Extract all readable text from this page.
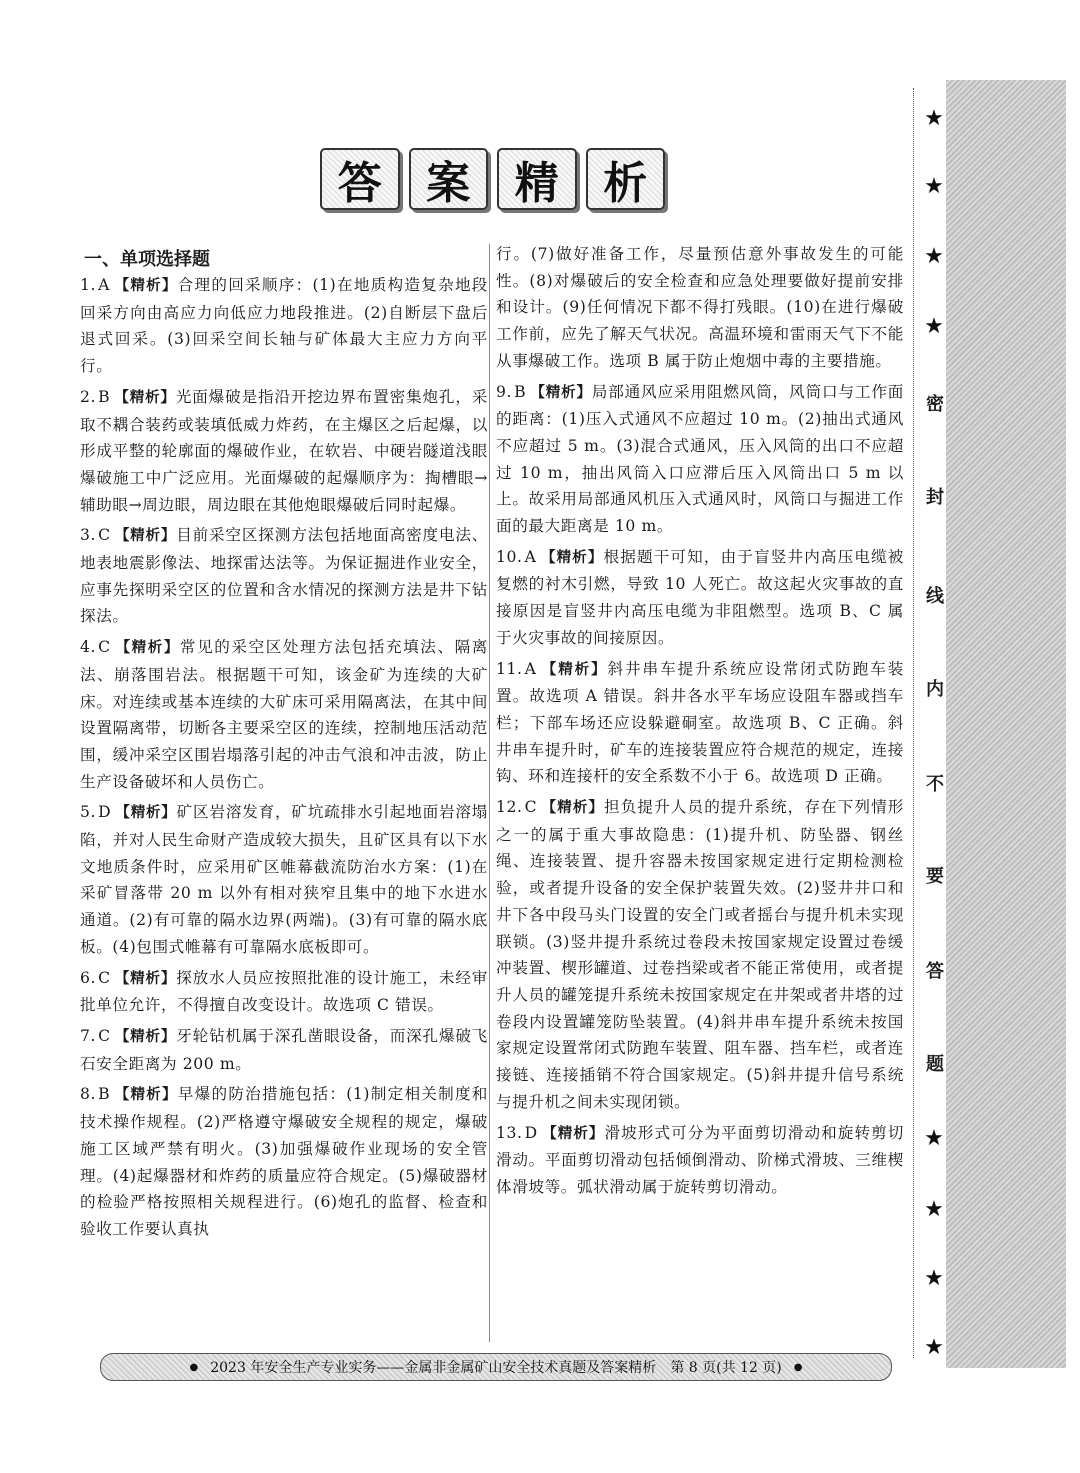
答	案	精	析
一、单项选择题

1. A 【精析】合理的回采顺序：(1)在地质构造复杂地段回采方向由高应力向低应力地段推进。(2)自断层下盘后退式回采。(3)回采空间长轴与矿体最大主应力方向平行。

2. B 【精析】光面爆破是指沿开挖边界布置密集炮孔，采取不耦合装药或装填低威力炸药，在主爆区之后起爆，以形成平整的轮廓面的爆破作业，在软岩、中硬岩隧道浅眼爆破施工中广泛应用。光面爆破的起爆顺序为：掏槽眼→辅助眼→周边眼，周边眼在其他炮眼爆破后同时起爆。

3. C 【精析】目前采空区探测方法包括地面高密度电法、地表地震影像法、地探雷达法等。为保证掘进作业安全，应事先探明采空区的位置和含水情况的探测方法是井下钻探法。

4. C 【精析】常见的采空区处理方法包括充填法、隔离法、崩落围岩法。根据题干可知，该金矿为连续的大矿床。对连续或基本连续的大矿床可采用隔离法，在其中间设置隔离带，切断各主要采空区的连续，控制地压活动范围，缓冲采空区围岩塌落引起的冲击气浪和冲击波，防止生产设备破坏和人员伤亡。

5. D 【精析】矿区岩溶发育，矿坑疏排水引起地面岩溶塌陷，并对人民生命财产造成较大损失，且矿区具有以下水文地质条件时，应采用矿区帷幕截流防治水方案：(1)在采矿冒落带 20 m 以外有相对狭窄且集中的地下水进水通道。(2)有可靠的隔水边界(两端)。(3)有可靠的隔水底板。(4)包围式帷幕有可靠隔水底板即可。

6. C 【精析】探放水人员应按照批准的设计施工，未经审批单位允许，不得擅自改变设计。故选项 C 错误。

7. C 【精析】牙轮钻机属于深孔凿眼设备，而深孔爆破飞石安全距离为 200 m。

8. B 【精析】早爆的防治措施包括：(1)制定相关制度和技术操作规程。(2)严格遵守爆破安全规程的规定，爆破施工区域严禁有明火。(3)加强爆破作业现场的安全管理。(4)起爆器材和炸药的质量应符合规定。(5)爆破器材的检验严格按照相关规程进行。(6)炮孔的监督、检查和验收工作要认真执

行。(7)做好准备工作，尽量预估意外事故发生的可能性。(8)对爆破后的安全检查和应急处理要做好提前安排和设计。(9)任何情况下都不得打残眼。(10)在进行爆破工作前，应先了解天气状况。高温环境和雷雨天气下不能从事爆破工作。选项 B 属于防止炮烟中毒的主要措施。

9. B 【精析】局部通风应采用阻燃风筒，风筒口与工作面的距离：(1)压入式通风不应超过 10 m。(2)抽出式通风不应超过 5 m。(3)混合式通风，压入风筒的出口不应超过 10 m，抽出风筒入口应滞后压入风筒出口 5 m 以上。故采用局部通风机压入式通风时，风筒口与掘进工作面的最大距离是 10 m。

10. A 【精析】根据题干可知，由于盲竖井内高压电缆被复燃的衬木引燃，导致 10 人死亡。故这起火灾事故的直接原因是盲竖井内高压电缆为非阻燃型。选项 B、C 属于火灾事故的间接原因。

11. A 【精析】斜井串车提升系统应设常闭式防跑车装置。故选项 A 错误。斜井各水平车场应设阻车器或挡车栏；下部车场还应设躲避硐室。故选项 B、C 正确。斜井串车提升时，矿车的连接装置应符合规范的规定，连接钩、环和连接杆的安全系数不小于 6。故选项 D 正确。

12. C 【精析】担负提升人员的提升系统，存在下列情形之一的属于重大事故隐患：(1)提升机、防坠器、钢丝绳、连接装置、提升容器未按国家规定进行定期检测检验，或者提升设备的安全保护装置失效。(2)竖井井口和井下各中段马头门设置的安全门或者摇台与提升机未实现联锁。(3)竖井提升系统过卷段未按国家规定设置过卷缓冲装置、楔形罐道、过卷挡梁或者不能正常使用，或者提升人员的罐笼提升系统未按国家规定在井架或者井塔的过卷段内设置罐笼防坠装置。(4)斜井串车提升系统未按国家规定设置常闭式防跑车装置、阻车器、挡车栏，或者连接链、连接插销不符合国家规定。(5)斜井提升信号系统与提升机之间未实现闭锁。

13. D 【精析】滑坡形式可分为平面剪切滑动和旋转剪切滑动。平面剪切滑动包括倾倒滑动、阶梯式滑坡、三维楔体滑坡等。弧状滑动属于旋转剪切滑动。

★
★
★
★
密
封
线
内
不
要
答
题
★
★
★
★
● 2023 年安全生产专业实务——金属非金属矿山安全技术真题及答案精析 第 8 页(共 12 页) ●
